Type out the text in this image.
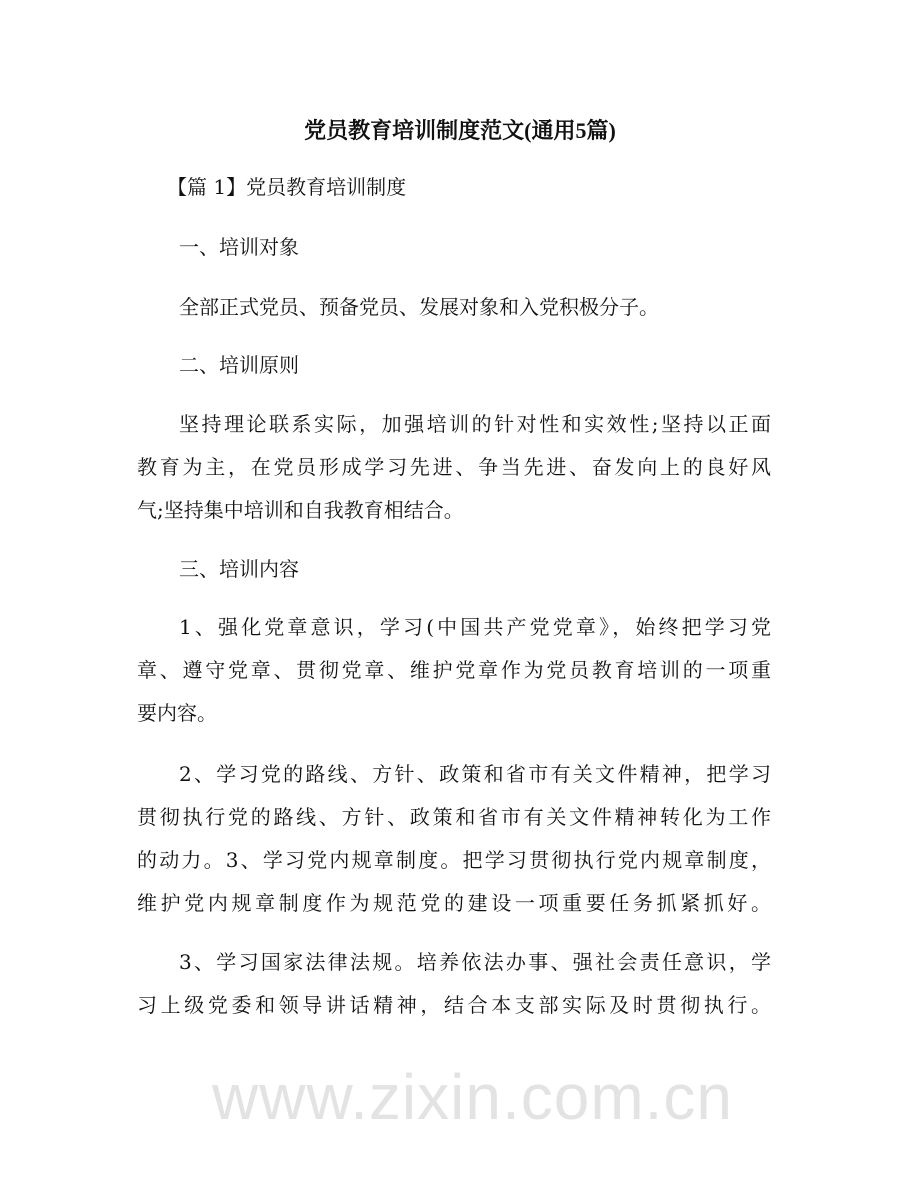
党员教育培训制度范文(通用5篇)
【篇 1】党员教育培训制度
一、培训对象
全部正式党员、预备党员、发展对象和入党积极分子。
二、培训原则
坚持理论联系实际，加强培训的针对性和实效性;坚持以正面
教育为主，在党员形成学习先进、争当先进、奋发向上的良好风
气;坚持集中培训和自我教育相结合。
三、培训内容
1、强化党章意识，学习(中国共产党党章》，始终把学习党
章、遵守党章、贯彻党章、维护党章作为党员教育培训的一项重
要内容。
2、学习党的路线、方针、政策和省市有关文件精神，把学习
贯彻执行党的路线、方针、政策和省市有关文件精神转化为工作
的动力。3、学习党内规章制度。把学习贯彻执行党内规章制度，
维护党内规章制度作为规范党的建设一项重要任务抓紧抓好。
3、学习国家法律法规。培养依法办事、强社会责任意识，学
习上级党委和领导讲话精神，结合本支部实际及时贯彻执行。
www.zixin.com.cn
